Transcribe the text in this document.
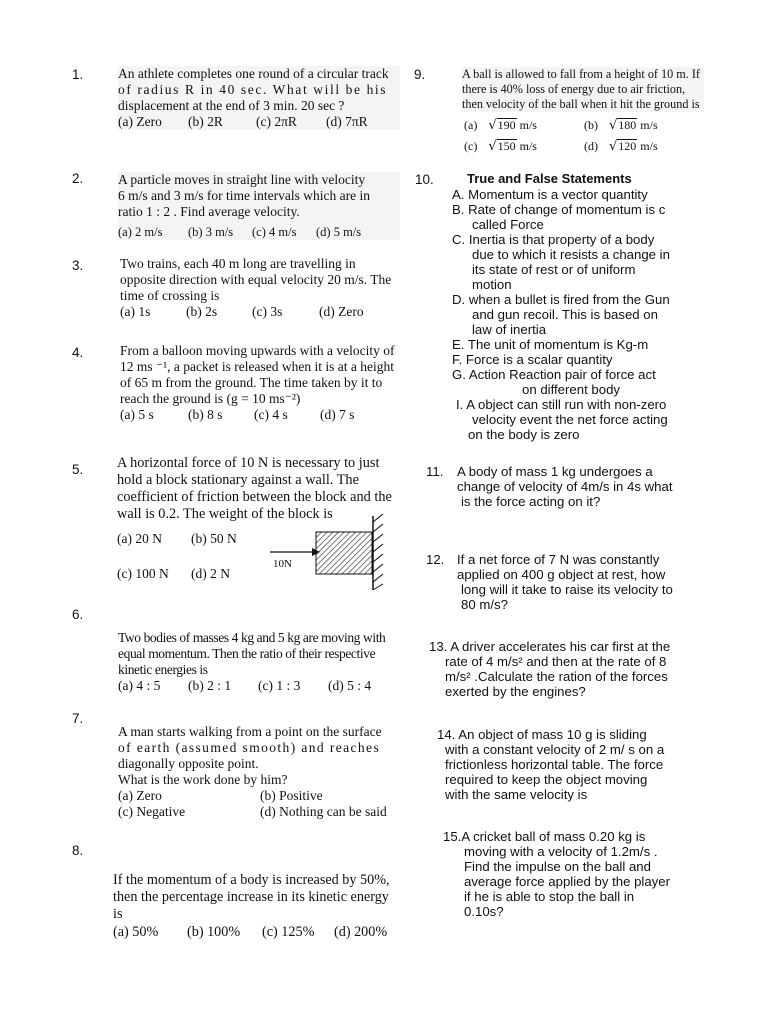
1.	An athlete completes one round of a circular track
of radius R in 40 sec. What will be his
displacement at the end of 3 min. 20 sec ?
(a) Zero	(b) 2R	(c) 2πR	(d) 7πR
2.	A particle moves in straight line with velocity
6 m/s and 3 m/s for time intervals which are in
ratio 1 : 2 . Find average velocity.
(a) 2 m/s	(b) 3 m/s	(c) 4 m/s	(d) 5 m/s
3.	Two trains, each 40 m long are travelling in
opposite direction with equal velocity 20 m/s. The
time of crossing is
(a) 1s	(b) 2s	(c) 3s	(d) Zero
4.	From a balloon moving upwards with a velocity of
12 ms ⁻¹, a packet is released when it is at a height
of 65 m from the ground. The time taken by it to
reach the ground is (g = 10 ms⁻²)
(a) 5 s	(b) 8 s	(c) 4 s	(d) 7 s
5. A horizontal force of 10 N is necessary to just
hold a block stationary against a wall. The
coefficient of friction between the block and the
wall is 0.2. The weight of the block is
(a) 20 N (b) 50 N
(c) 100 N (d) 2 N
10N
6.
Two bodies of masses 4 kg and 5 kg are moving with
equal momentum. Then the ratio of their respective
kinetic energies is
(a) 4 : 5	(b) 2 : 1	(c) 1 : 3	(d) 5 : 4
7.
A man starts walking from a point on the surface
of earth (assumed smooth) and reaches
diagonally opposite point.
What is the work done by him?
(a) Zero	(b) Positive
(c) Negative	(d) Nothing can be said
8.
If the momentum of a body is increased by 50%,
then the percentage increase in its kinetic energy
is
(a) 50%	(b) 100%	(c) 125%	(d) 200%
9.	A ball is allowed to fall from a height of 10 m. If
there is 40% loss of energy due to air friction,
then velocity of the ball when it hit the ground is
(a) √190 m/s	(b) √180 m/s
(c) √150 m/s	(d) √120 m/s
10.	True and False Statements
A. Momentum is a vector quantity
B. Rate of change of momentum is c
called Force
C. Inertia is that property of a body
due to which it resists a change in
its state of rest or of uniform
motion
D. when a bullet is fired from the Gun
and gun recoil. This is based on
law of inertia
E. The unit of momentum is Kg-m
F. Force is a scalar quantity
G. Action Reaction pair of force act
on different body
I. A object can still run with non-zero
velocity event the net force acting
on the body is zero
11. A body of mass 1 kg undergoes a
change of velocity of 4m/s in 4s what
is the force acting on it?
12. If a net force of 7 N was constantly
applied on 400 g object at rest, how
long will it take to raise its velocity to
80 m/s?
13. A driver accelerates his car first at the
rate of 4 m/s² and then at the rate of 8
m/s² .Calculate the ration of the forces
exerted by the engines?
14. An object of mass 10 g is sliding
with a constant velocity of 2 m/ s on a
frictionless horizontal table. The force
required to keep the object moving
with the same velocity is
15.A cricket ball of mass 0.20 kg is
moving with a velocity of 1.2m/s .
Find the impulse on the ball and
average force applied by the player
if he is able to stop the ball in
0.10s?
